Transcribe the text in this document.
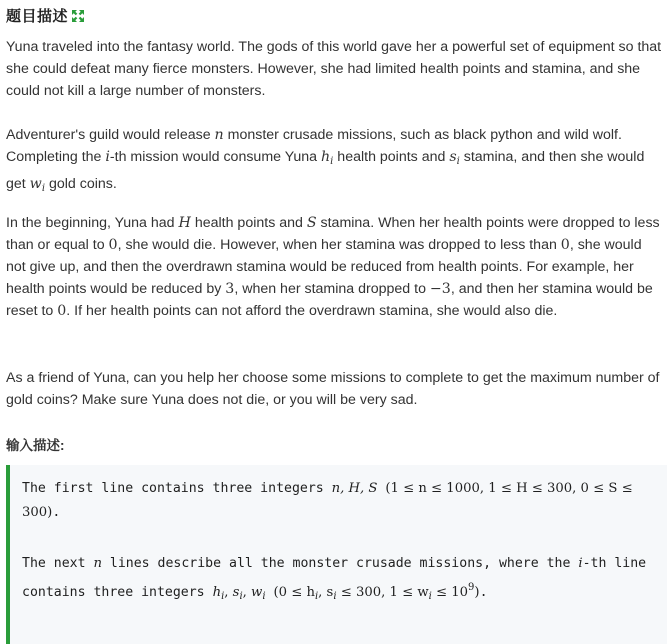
题目描述

Yuna traveled into the fantasy world. The gods of this world gave her a powerful set of equipment so that she could defeat many fierce monsters. However, she had limited health points and stamina, and she could not kill a large number of monsters.

Adventurer's guild would release n monster crusade missions, such as black python and wild wolf. Completing the i-th mission would consume Yuna $h_i$ health points and $s_i$ stamina, and then she would get $w_i$ gold coins.

In the beginning, Yuna had H health points and S stamina. When her health points were dropped to less than or equal to 0, she would die. However, when her stamina was dropped to less than 0, she would not give up, and then the overdrawn stamina would be reduced from health points. For example, her health points would be reduced by 3, when her stamina dropped to −3, and then her stamina would be reset to 0. If her health points can not afford the overdrawn stamina, she would also die.

As a friend of Yuna, can you help her choose some missions to complete to get the maximum number of gold coins? Make sure Yuna does not die, or you will be very sad.

输入描述:
The first line contains three integers n, H, S (1 ≤ n ≤ 1000, 1 ≤ H ≤ 300, 0 ≤ S ≤ 300).
The next n lines describe all the monster crusade missions, where the i-th line contains three integers $h_i$, $s_i$, $w_i$ ($0 \le h_i$, $s_i \le 300$, $1 \le w_i \le 10^9$).
